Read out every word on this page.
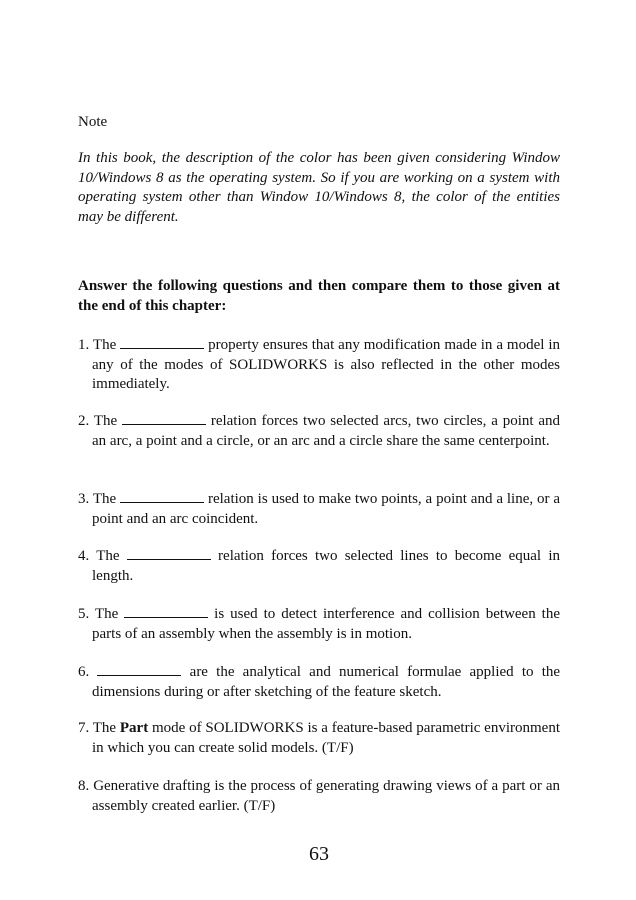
Note
In this book, the description of the color has been given considering Window 10/Windows 8 as the operating system. So if you are working on a system with operating system other than Window 10/Windows 8, the color of the entities may be different.
Answer the following questions and then compare them to those given at the end of this chapter:
1. The	property ensures that any modification made in a model in any of the modes of SOLIDWORKS is also reflected in the other modes immediately.
2. The	relation forces two selected arcs, two circles, a point and an arc, a point and a circle, or an arc and a circle share the same centerpoint.
3. The	relation is used to make two points, a point and a line, or a point and an arc coincident.
4. The	relation forces two selected lines to become equal in length.
5. The	is used to detect interference and collision between the parts of an assembly when the assembly is in motion.
6.	are the analytical and numerical formulae applied to the dimensions during or after sketching of the feature sketch.
7. The Part mode of SOLIDWORKS is a feature-based parametric environment in which you can create solid models. (T/F)
8. Generative drafting is the process of generating drawing views of a part or an assembly created earlier. (T/F)
63
